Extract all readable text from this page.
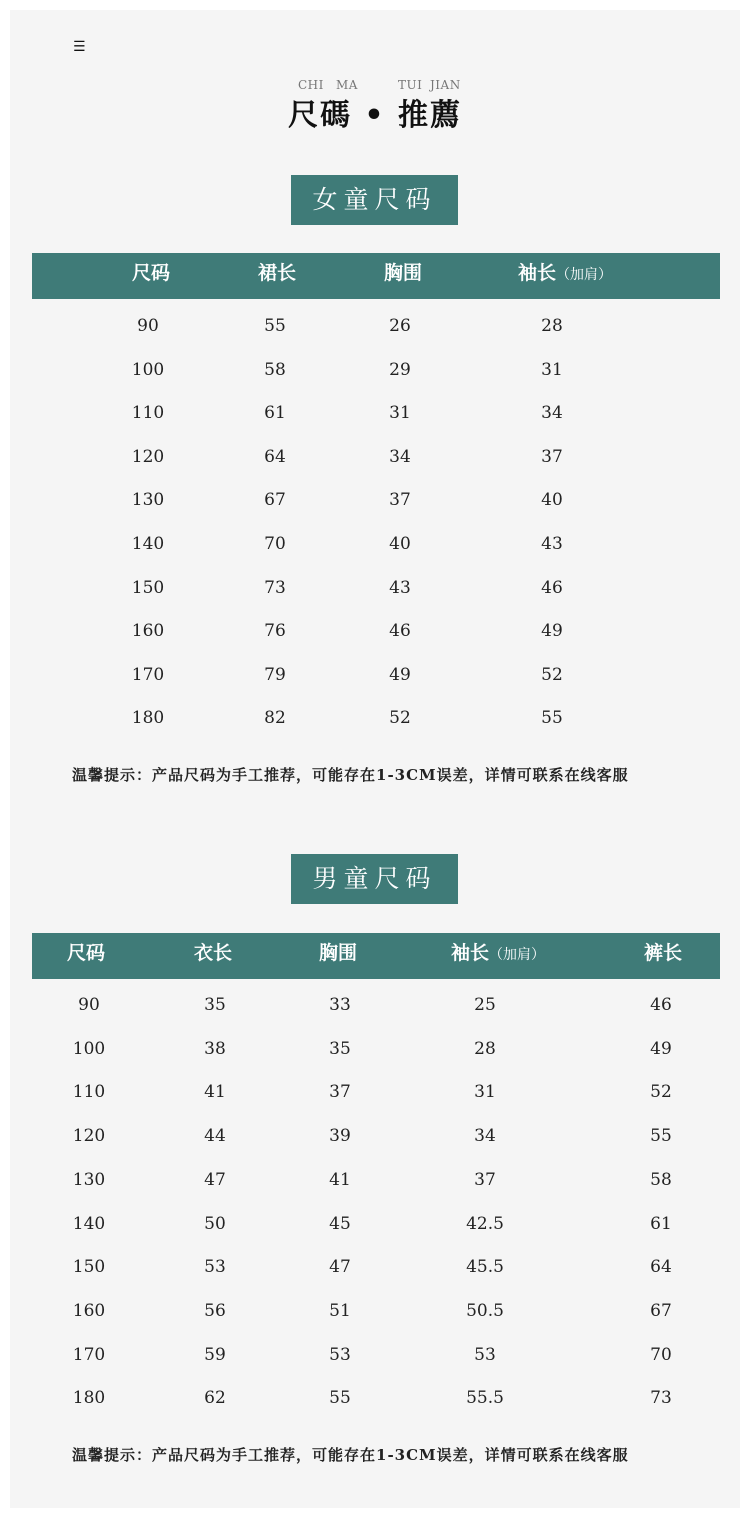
☰
CHI MA	TUI JIAN
尺碼 • 推薦
女童尺码
尺码	裙长	胸围	袖长（加肩）
90	55	26	28
100	58	29	31
110	61	31	34
120	64	34	37
130	67	37	40
140	70	40	43
150	73	43	46
160	76	46	49
170	79	49	52
180	82	52	55
温馨提示：产品尺码为手工推荐，可能存在1-3CM误差，详情可联系在线客服
男童尺码
尺码	衣长	胸围	袖长（加肩）	裤长
90	35	33	25	46
100	38	35	28	49
110	41	37	31	52
120	44	39	34	55
130	47	41	37	58
140	50	45	42.5	61
150	53	47	45.5	64
160	56	51	50.5	67
170	59	53	53	70
180	62	55	55.5	73
温馨提示：产品尺码为手工推荐，可能存在1-3CM误差，详情可联系在线客服
